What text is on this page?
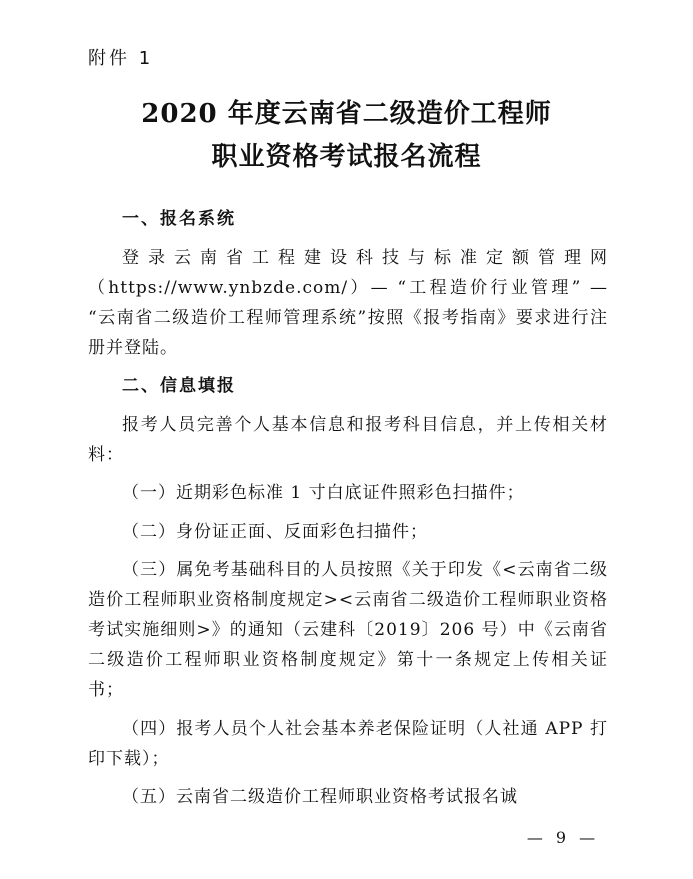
附件 1
2020 年度云南省二级造价工程师
职业资格考试报名流程
一、报名系统

登录云南省工程建设科技与标准定额管理网（https://www.ynbzde.com/）— “工程造价行业管理” — “云南省二级造价工程师管理系统”按照《报考指南》要求进行注册并登陆。

二、信息填报

报考人员完善个人基本信息和报考科目信息，并上传相关材料：

（一）近期彩色标准 1 寸白底证件照彩色扫描件；

（二）身份证正面、反面彩色扫描件；

（三）属免考基础科目的人员按照《关于印发《<云南省二级造价工程师职业资格制度规定><云南省二级造价工程师职业资格考试实施细则>》的通知（云建科〔2019〕206 号）中《云南省二级造价工程师职业资格制度规定》第十一条规定上传相关证书；

（四）报考人员个人社会基本养老保险证明（人社通 APP 打印下载）；

（五）云南省二级造价工程师职业资格考试报名诚

— 9 —
